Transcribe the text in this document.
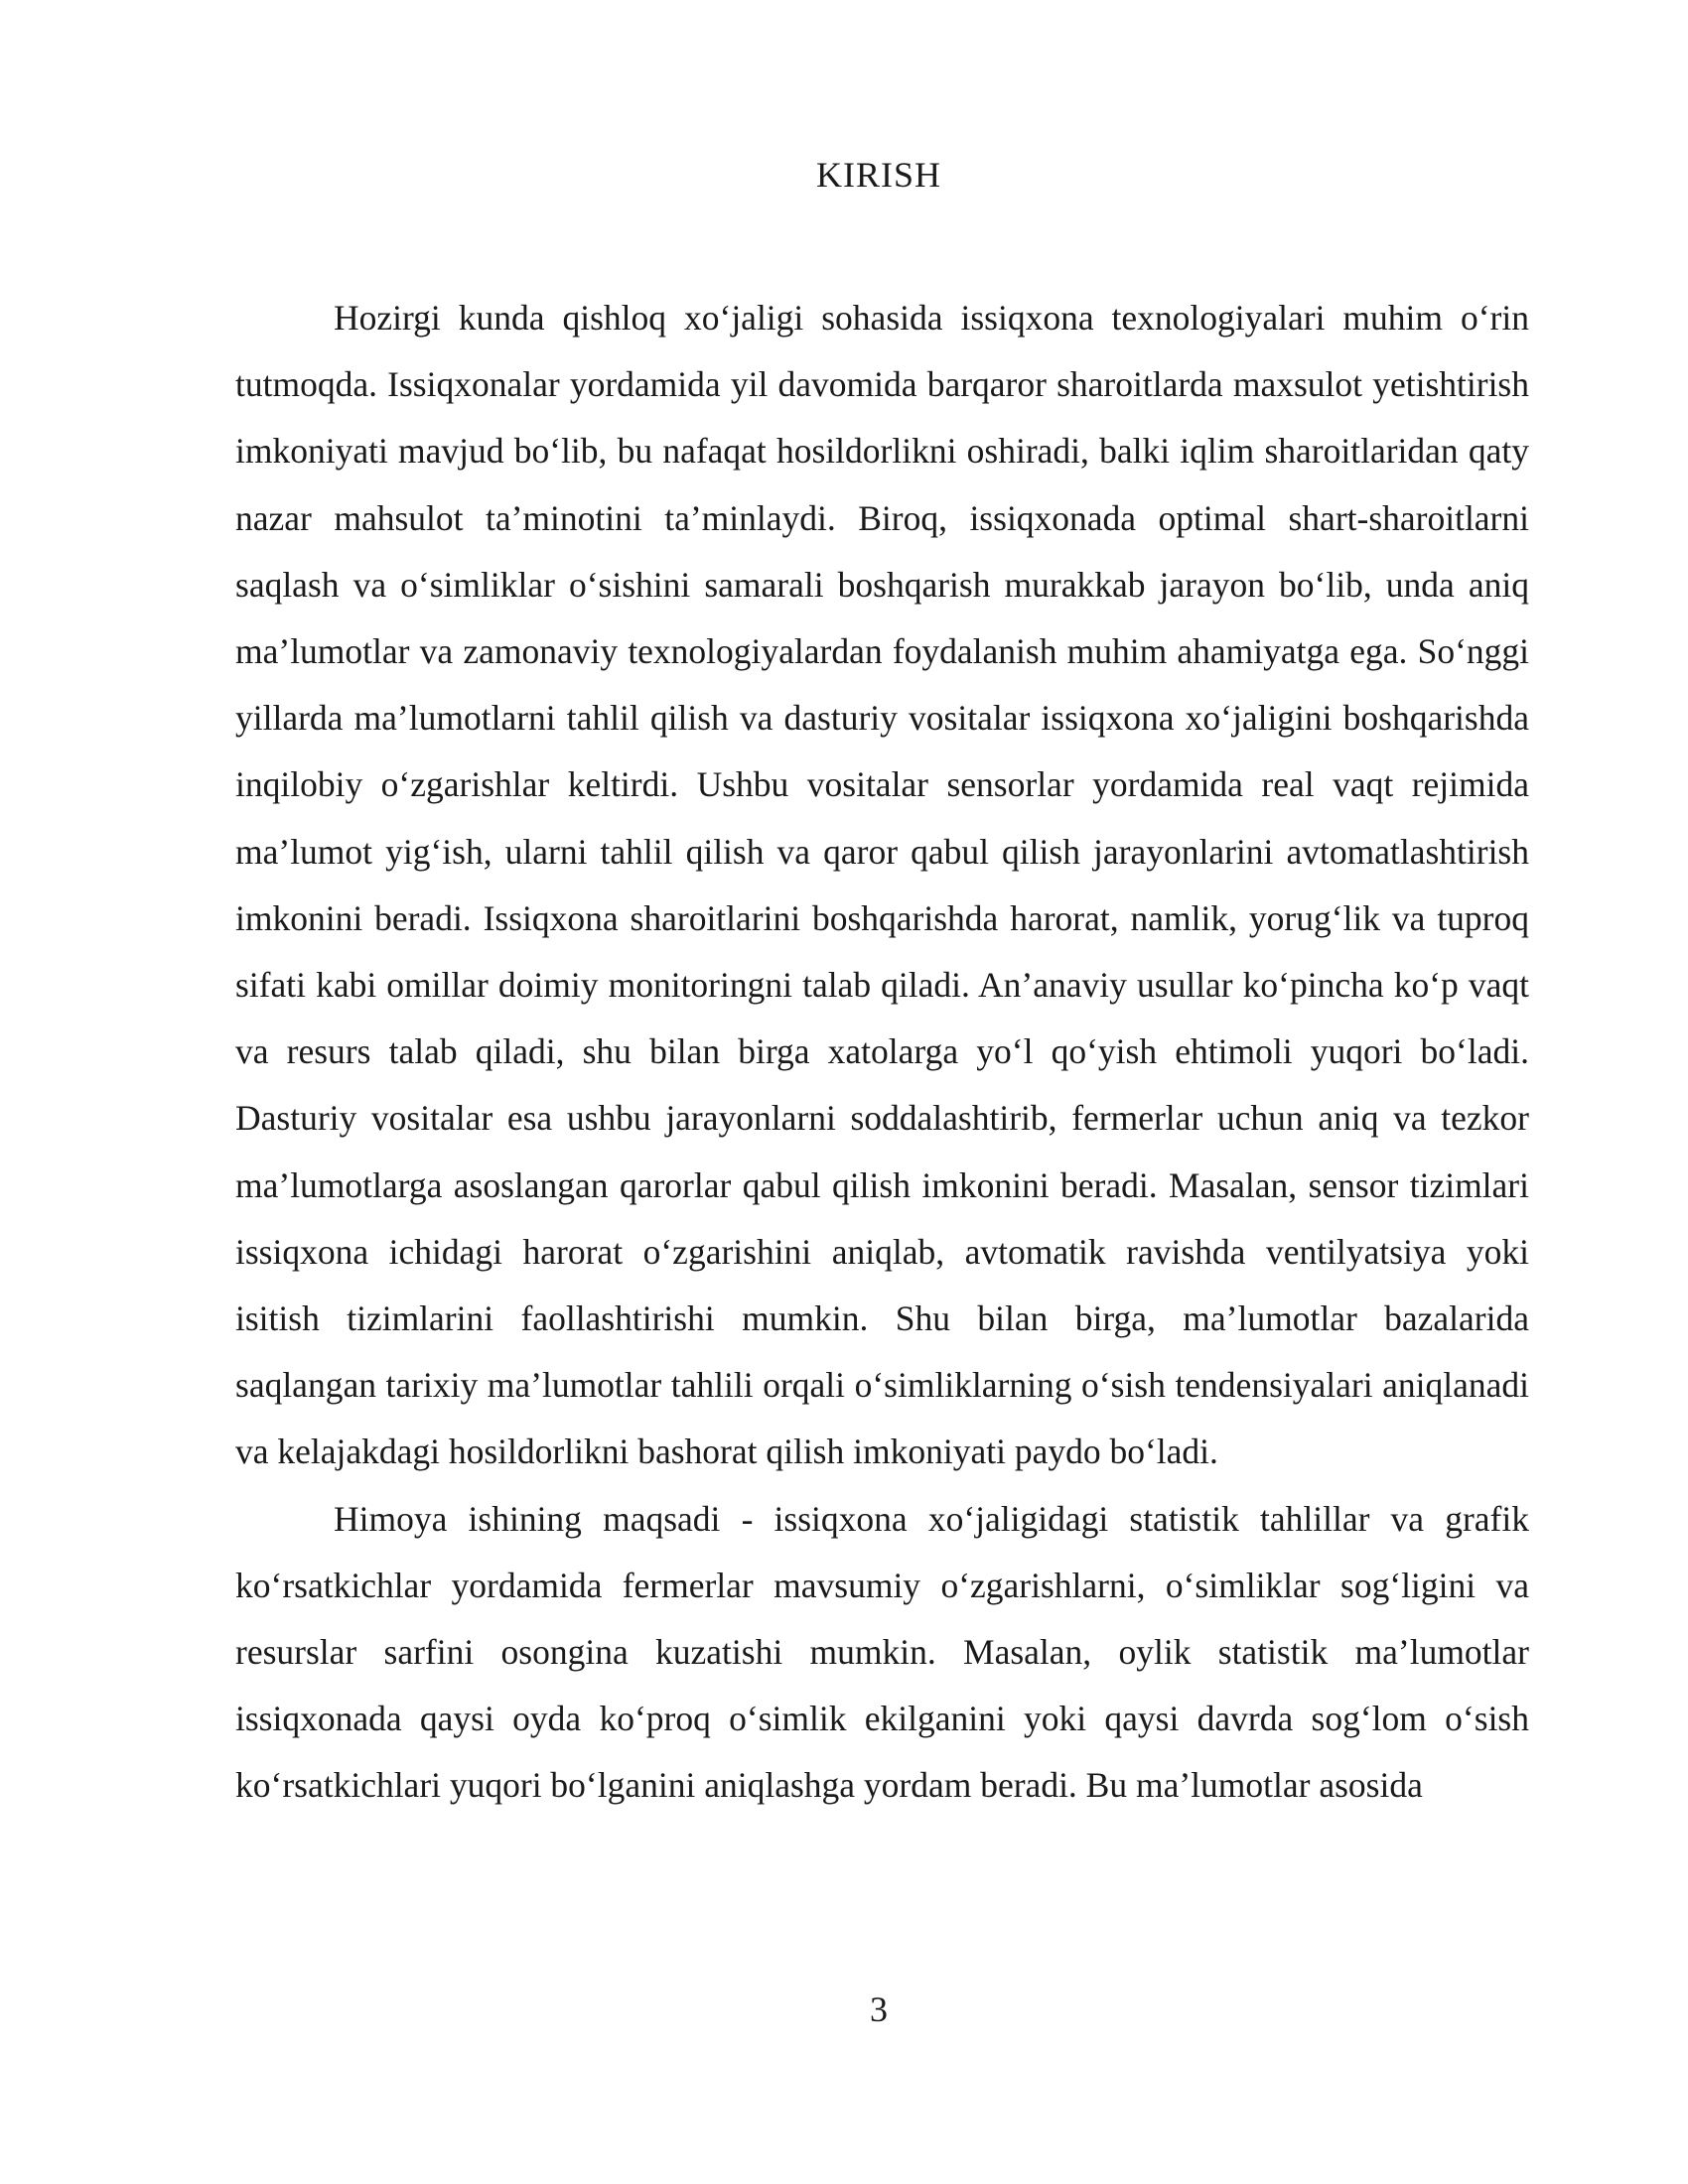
KIRISH

Hozirgi kunda qishloq xo‘jaligi sohasida issiqxona texnologiyalari muhim o‘rin tutmoqda. Issiqxonalar yordamida yil davomida barqaror sharoitlarda maxsulot yetishtirish imkoniyati mavjud bo‘lib, bu nafaqat hosildorlikni oshiradi, balki iqlim sharoitlaridan qaty nazar mahsulot ta’minotini ta’minlaydi. Biroq, issiqxonada optimal shart-sharoitlarni saqlash va o‘simliklar o‘sishini samarali boshqarish murakkab jarayon bo‘lib, unda aniq ma’lumotlar va zamonaviy texnologiyalardan foydalanish muhim ahamiyatga ega. So‘nggi yillarda ma’lumotlarni tahlil qilish va dasturiy vositalar issiqxona xo‘jaligini boshqarishda inqilobiy o‘zgarishlar keltirdi. Ushbu vositalar sensorlar yordamida real vaqt rejimida ma’lumot yig‘ish, ularni tahlil qilish va qaror qabul qilish jarayonlarini avtomatlashtirish imkonini beradi. Issiqxona sharoitlarini boshqarishda harorat, namlik, yorug‘lik va tuproq sifati kabi omillar doimiy monitoringni talab qiladi. An’anaviy usullar ko‘pincha ko‘p vaqt va resurs talab qiladi, shu bilan birga xatolarga yo‘l qo‘yish ehtimoli yuqori bo‘ladi. Dasturiy vositalar esa ushbu jarayonlarni soddalashtirib, fermerlar uchun aniq va tezkor ma’lumotlarga asoslangan qarorlar qabul qilish imkonini beradi. Masalan, sensor tizimlari issiqxona ichidagi harorat o‘zgarishini aniqlab, avtomatik ravishda ventilyatsiya yoki isitish tizimlarini faollashtirishi mumkin. Shu bilan birga, ma’lumotlar bazalarida saqlangan tarixiy ma’lumotlar tahlili orqali o‘simliklarning o‘sish tendensiyalari aniqlanadi va kelajakdagi hosildorlikni bashorat qilish imkoniyati paydo bo‘ladi.

Himoya ishining maqsadi - issiqxona xo‘jaligidagi statistik tahlillar va grafik ko‘rsatkichlar yordamida fermerlar mavsumiy o‘zgarishlarni, o‘simliklar sog‘ligini va resurslar sarfini osongina kuzatishi mumkin. Masalan, oylik statistik ma’lumotlar issiqxonada qaysi oyda ko‘proq o‘simlik ekilganini yoki qaysi davrda sog‘lom o‘sish ko‘rsatkichlari yuqori bo‘lganini aniqlashga yordam beradi. Bu ma’lumotlar asosida

3
